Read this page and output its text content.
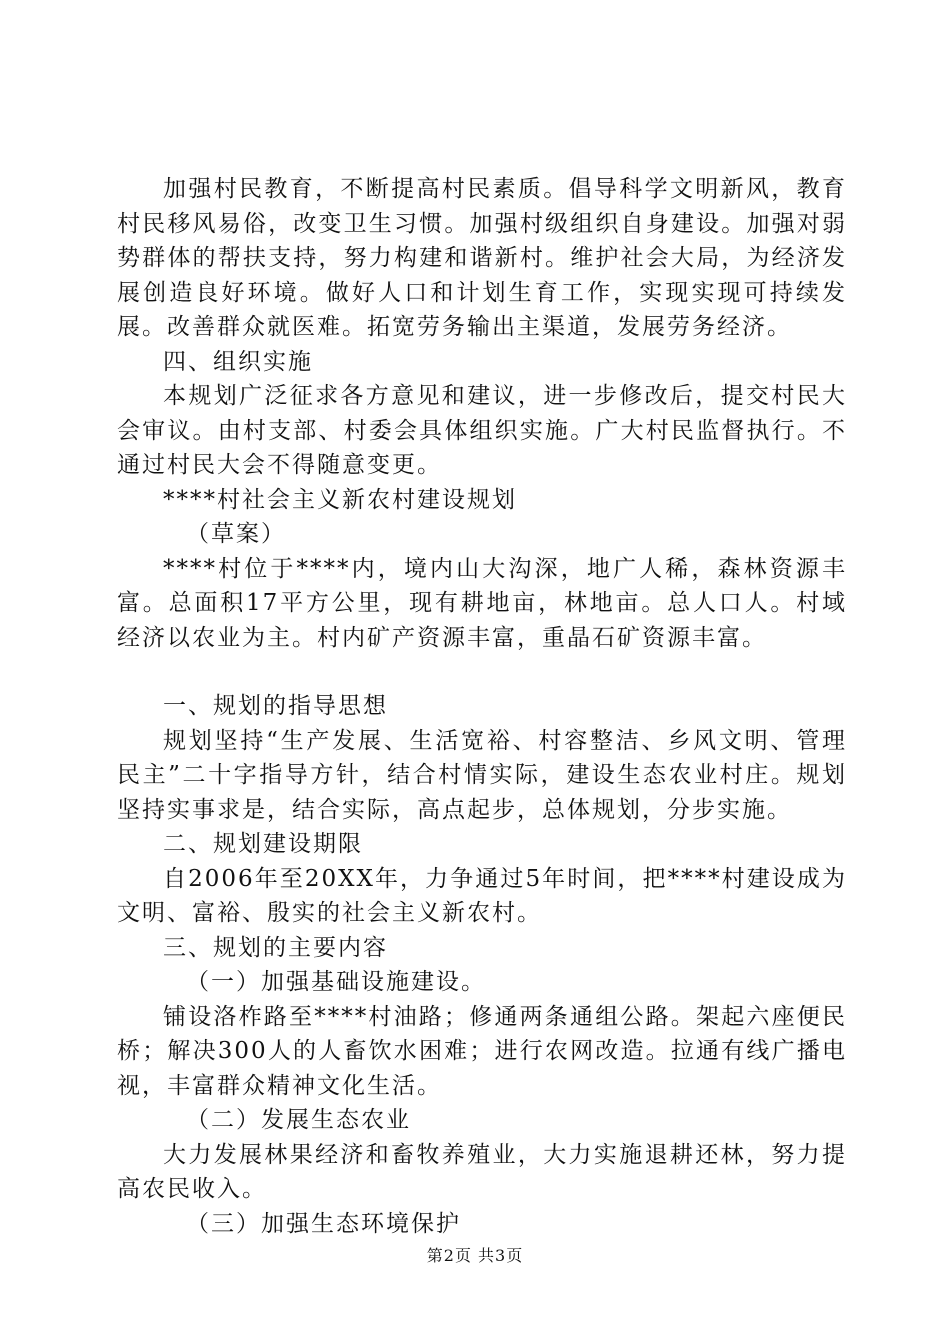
加强村民教育，不断提高村民素质。倡导科学文明新风，教育村民移风易俗，改变卫生习惯。加强村级组织自身建设。加强对弱势群体的帮扶支持，努力构建和谐新村。维护社会大局，为经济发展创造良好环境。做好人口和计划生育工作，实现实现可持续发展。改善群众就医难。拓宽劳务输出主渠道，发展劳务经济。

四、组织实施

本规划广泛征求各方意见和建议，进一步修改后，提交村民大会审议。由村支部、村委会具体组织实施。广大村民监督执行。不通过村民大会不得随意变更。

****村社会主义新农村建设规划

（草案）

****村位于****内，境内山大沟深，地广人稀，森林资源丰富。总面积17平方公里，现有耕地亩，林地亩。总人口人。村域经济以农业为主。村内矿产资源丰富，重晶石矿资源丰富。

一、规划的指导思想

规划坚持“生产发展、生活宽裕、村容整洁、乡风文明、管理民主”二十字指导方针，结合村情实际，建设生态农业村庄。规划坚持实事求是，结合实际，高点起步，总体规划，分步实施。

二、规划建设期限

自2006年至20XX年，力争通过5年时间，把****村建设成为文明、富裕、殷实的社会主义新农村。

三、规划的主要内容

（一）加强基础设施建设。

铺设洛柞路至****村油路；修通两条通组公路。架起六座便民桥；解决300人的人畜饮水困难；进行农网改造。拉通有线广播电视，丰富群众精神文化生活。

（二）发展生态农业

大力发展林果经济和畜牧养殖业，大力实施退耕还林，努力提高农民收入。

（三）加强生态环境保护

第2页 共3页
